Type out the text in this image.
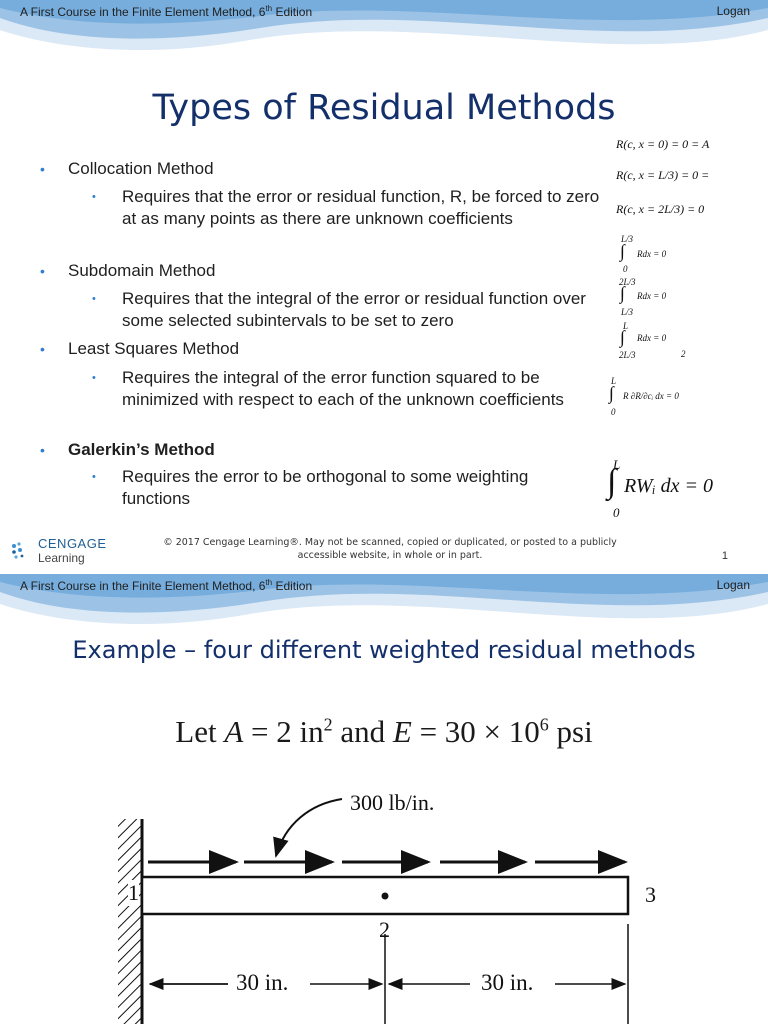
A First Course in the Finite Element Method, 6th Edition	Logan
Types of Residual Methods
• Collocation Method
• Requires that the error or residual function, R, be forced to zero at as many points as there are unknown coefficients
• Subdomain Method
• Requires that the integral of the error or residual function over some selected subintervals to be set to zero
• Least Squares Method
• Requires the integral of the error function squared to be minimized with respect to each of the unknown coefficients
• Galerkin’s Method
• Requires the error to be orthogonal to some weighting functions
R(c, x = 0) = 0 = A
R(c, x = L/3) = 0 =
R(c, x = 2L/3) = 0
L/3
∫
0
Rdx = 0
2L/3
∫
L/3
Rdx = 0
L
∫
2L/3
Rdx = 0
2
L
∫
0
R ∂R/∂cᵢ dx = 0
L
∫
0
RWᵢ dx = 0
CENGAGE
Learning
© 2017 Cengage Learning®. May not be scanned, copied or duplicated, or posted to a publicly
accessible website, in whole or in part.	1
A First Course in the Finite Element Method, 6th Edition	Logan
Example – four different weighted residual methods
Let A = 2 $in^2$ and $E = 30 \times 10^6$ psi
300 lb/in.
1
2
3
30 in.	30 in.
